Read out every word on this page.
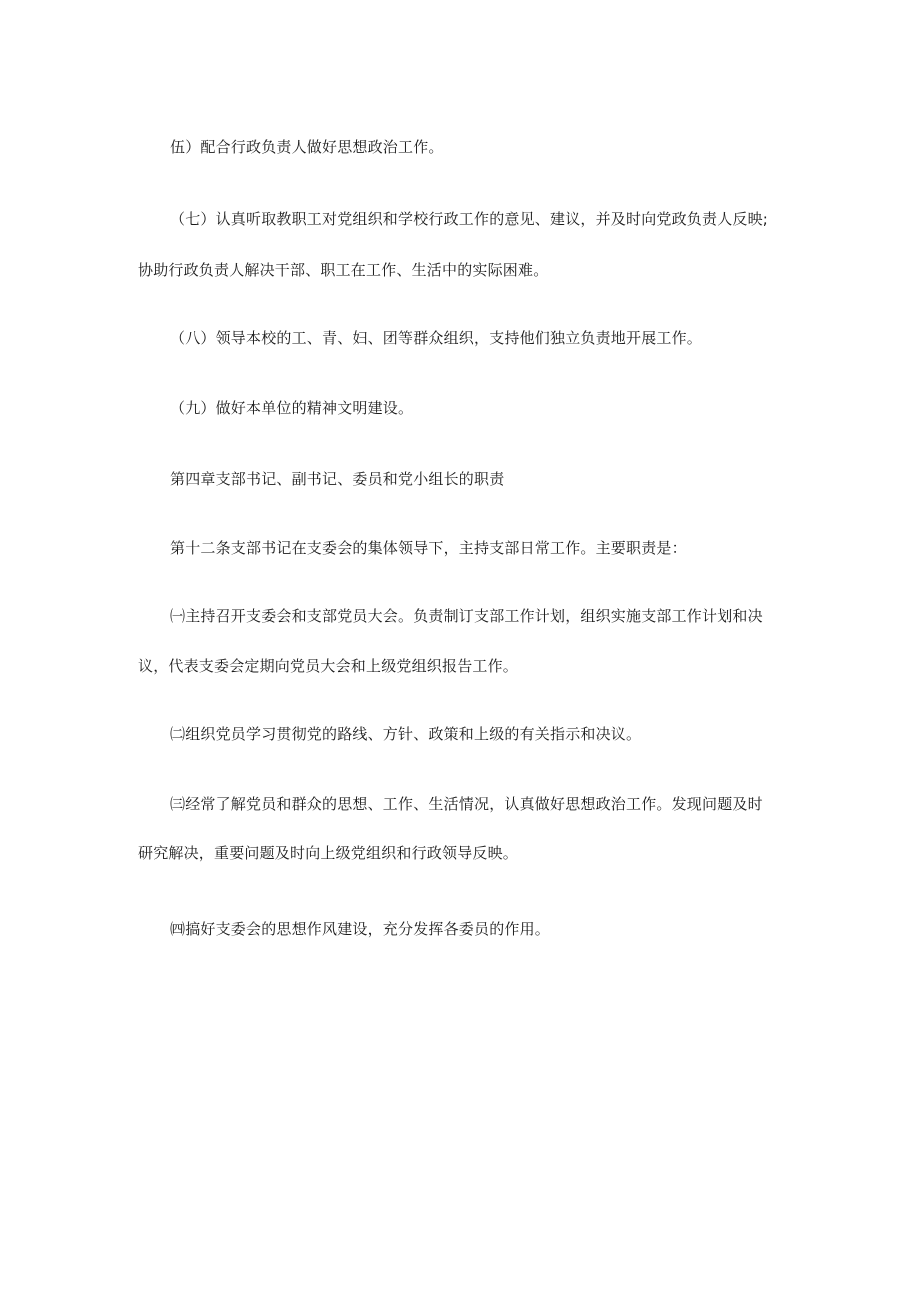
伍）配合行政负责人做好思想政治工作。
（七）认真听取教职工对党组织和学校行政工作的意见、建议，并及时向党政负责人反映;
协助行政负责人解决干部、职工在工作、生活中的实际困难。
（八）领导本校的工、青、妇、团等群众组织，支持他们独立负责地开展工作。
（九）做好本单位的精神文明建设。
第四章支部书记、副书记、委员和党小组长的职责
第十二条支部书记在支委会的集体领导下，主持支部日常工作。主要职责是：
㈠主持召开支委会和支部党员大会。负责制订支部工作计划，组织实施支部工作计划和决
议，代表支委会定期向党员大会和上级党组织报告工作。
㈡组织党员学习贯彻党的路线、方针、政策和上级的有关指示和决议。
㈢经常了解党员和群众的思想、工作、生活情况，认真做好思想政治工作。发现问题及时
研究解决，重要问题及时向上级党组织和行政领导反映。
㈣搞好支委会的思想作风建设，充分发挥各委员的作用。
